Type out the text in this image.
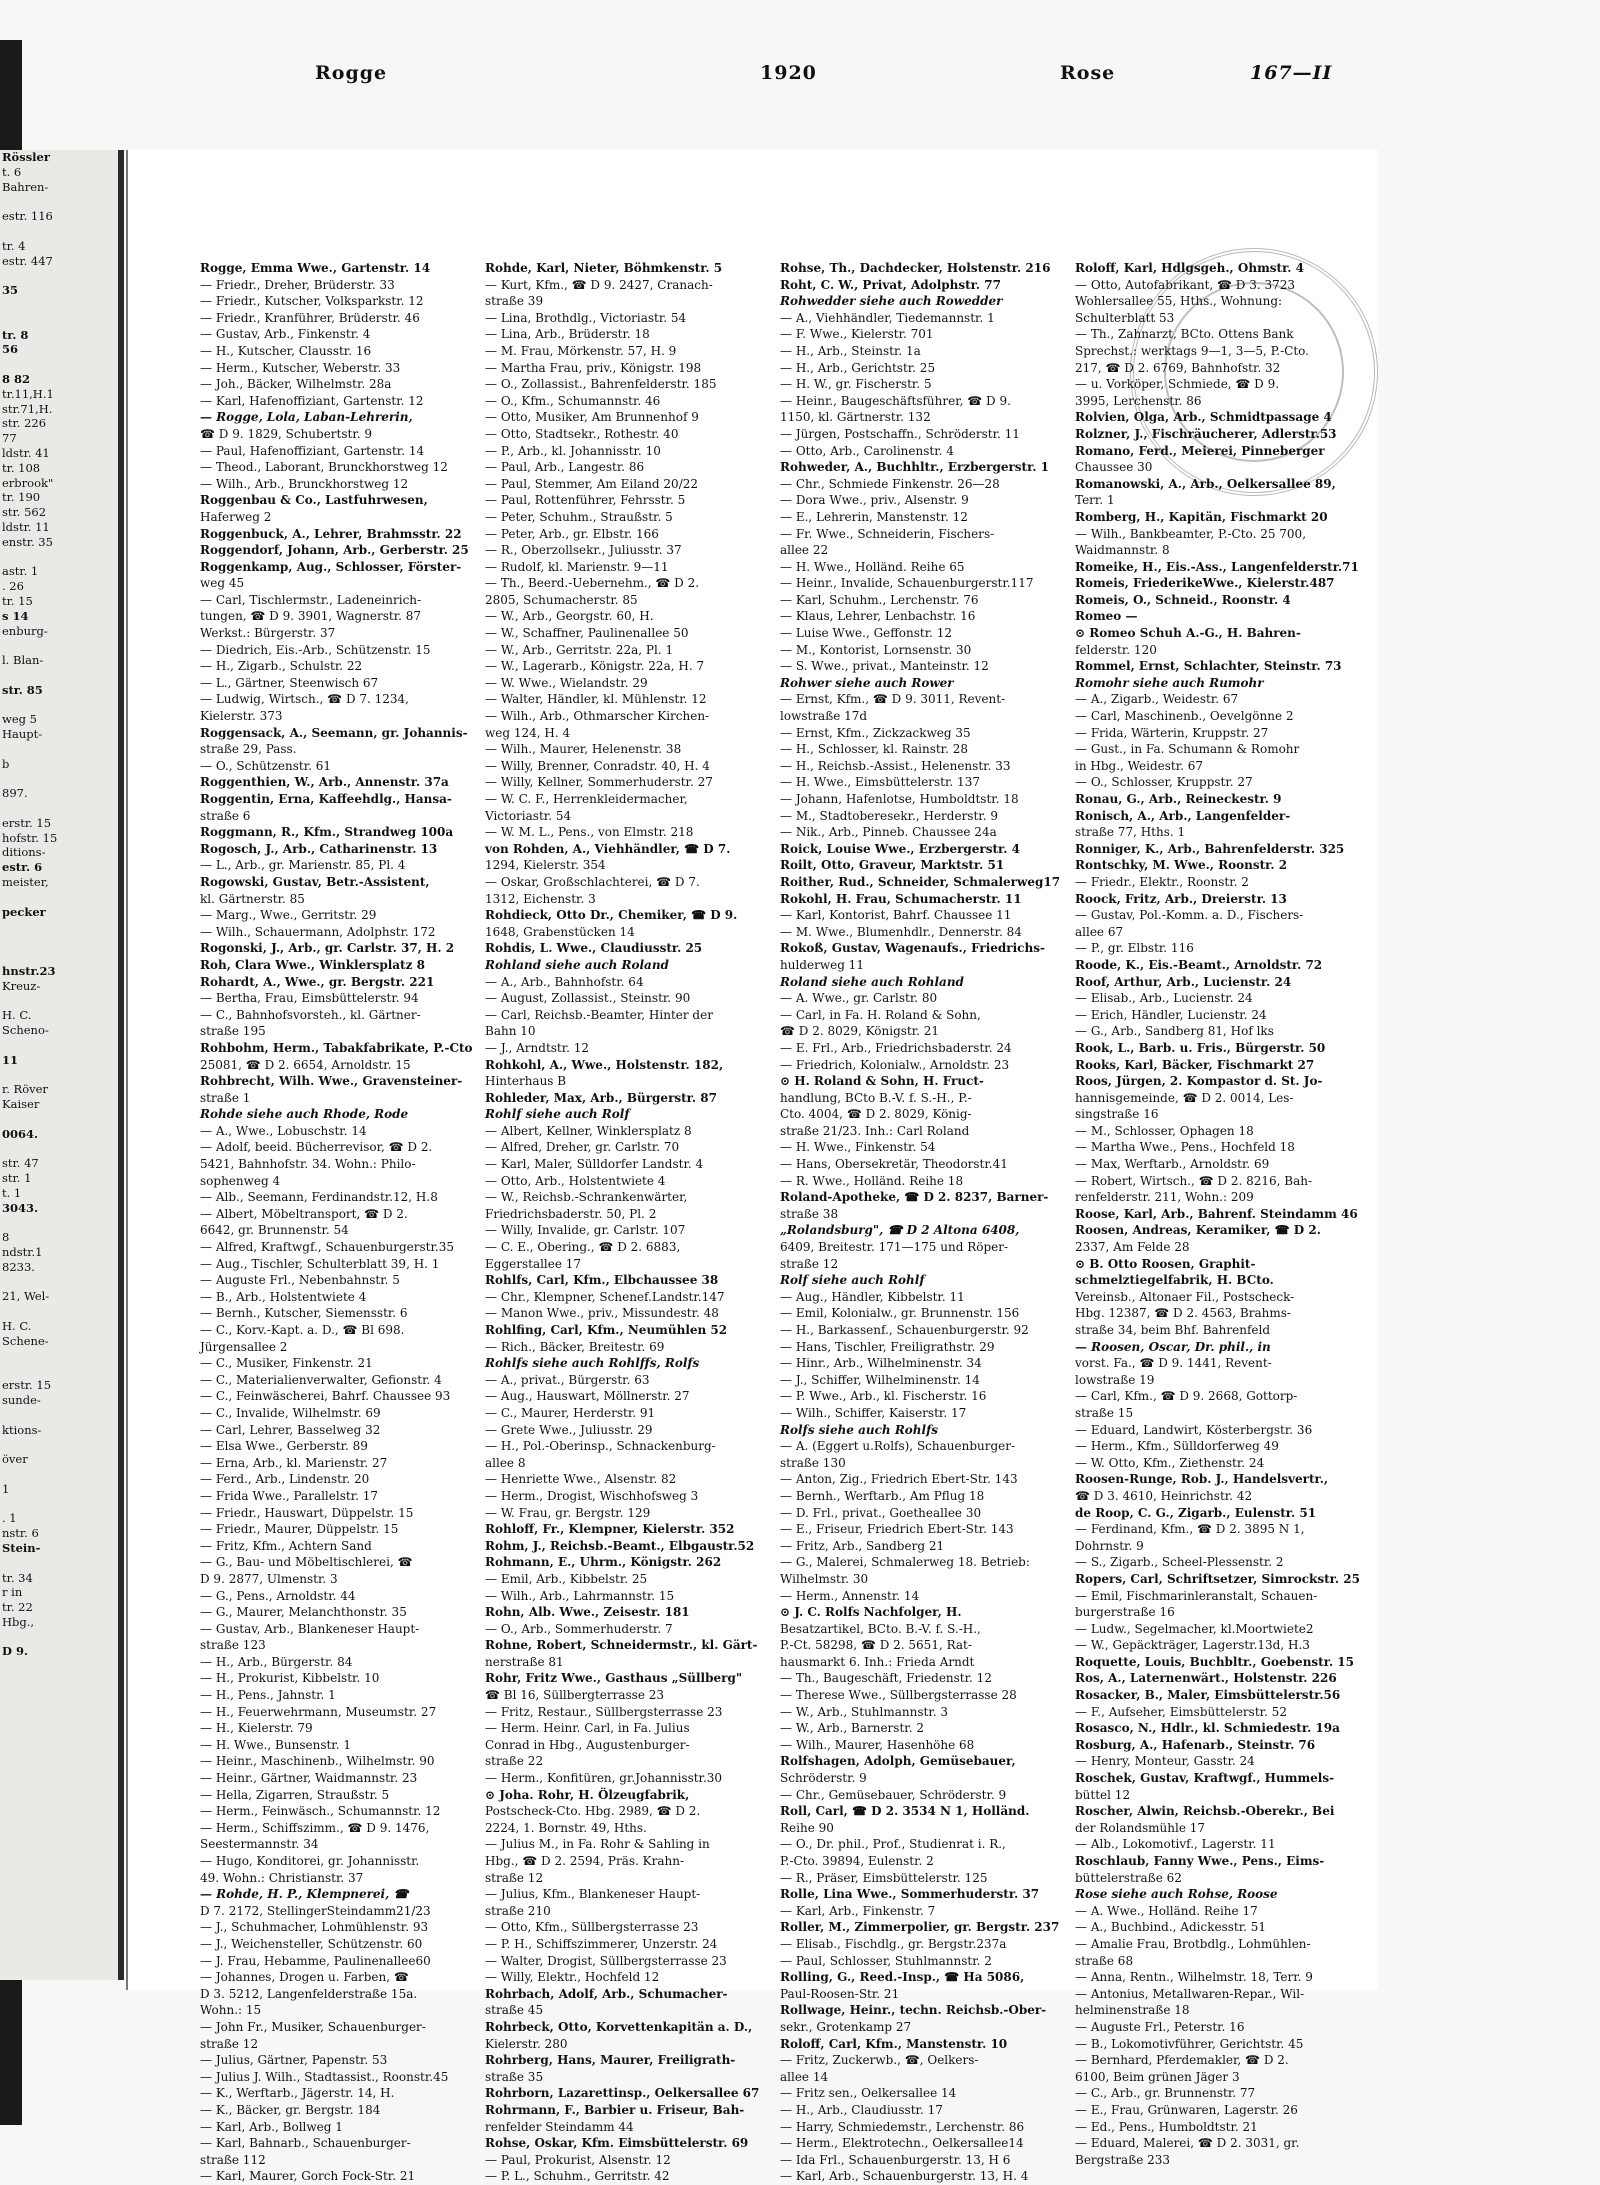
Rössler
t. 6
Bahren-

estr. 116

tr. 4
estr. 447

35

tr. 8
56

8 82
tr.11,H.1
str.71,H.
str. 226
77
ldstr. 41
tr. 108
erbrook"
tr. 190
str. 562
ldstr. 11
enstr. 35

astr. 1
. 26
tr. 15
s 14
enburg-

l. Blan-

str. 85

weg 5
Haupt-

b

897.

erstr. 15
hofstr. 15
ditions-
estr. 6
meister,

pecker

hnstr.23
Kreuz-

H. C.
Schenо-

11

r. Röver
Kaiser

0064.

str. 47
str. 1
t. 1
3043.

8
ndstr.1
8233.

21, Wel-

H. C.
Schenе-

erstr. 15
sunde-

ktions-

över

1

. 1
nstr. 6
Stein-

tr. 34
r in
tr. 22
Hbg.,

D 9.
Rogge	1920	Rose	167—II
Rogge, Emma Wwe., Gartenstr. 14
— Friedr., Dreher, Brüderstr. 33
— Friedr., Kutscher, Volksparkstr. 12
— Friedr., Kranführer, Brüderstr. 46
— Gustav, Arb., Finkenstr. 4
— H., Kutscher, Clausstr. 16
— Herm., Kutscher, Weberstr. 33
— Joh., Bäcker, Wilhelmstr. 28a
— Karl, Hafenoffiziant, Gartenstr. 12
— Rogge, Lola, Laban-Lehrerin,
☎ D 9. 1829, Schubertstr. 9
— Paul, Hafenoffiziant, Gartenstr. 14
— Theod., Laborant, Brunckhorstweg 12
— Wilh., Arb., Brunckhorstweg 12
Roggenbau & Co., Lastfuhrwesen,
Haferweg 2
Roggenbuck, A., Lehrer, Brahmsstr. 22
Roggendorf, Johann, Arb., Gerberstr. 25
Roggenkamp, Aug., Schlosser, Förster-
weg 45
— Carl, Tischlermstr., Ladeneinrich-
tungen, ☎ D 9. 3901, Wagnerstr. 87
Werkst.: Bürgerstr. 37
— Diedrich, Eis.-Arb., Schützenstr. 15
— H., Zigarb., Schulstr. 22
— L., Gärtner, Steenwisch 67
— Ludwig, Wirtsch., ☎ D 7. 1234,
Kielerstr. 373
Roggensack, A., Seemann, gr. Johannis-
straße 29, Pass.
— O., Schützenstr. 61
Roggenthien, W., Arb., Annenstr. 37a
Roggentin, Erna, Kaffeehdlg., Hansa-
straße 6
Roggmann, R., Kfm., Strandweg 100a
Rogosch, J., Arb., Catharinenstr. 13
— L., Arb., gr. Marienstr. 85, Pl. 4
Rogowski, Gustav, Betr.-Assistent,
kl. Gärtnerstr. 85
— Marg., Wwe., Gerritstr. 29
— Wilh., Schauermann, Adolphstr. 172
Rogonski, J., Arb., gr. Carlstr. 37, H. 2
Roh, Clara Wwe., Winklersplatz 8
Rohardt, A., Wwe., gr. Bergstr. 221
— Bertha, Frau, Eimsbüttelerstr. 94
— C., Bahnhofsvorsteh., kl. Gärtner-
straße 195
Rohbohm, Herm., Tabakfabrikate, P.-Cto
25081, ☎ D 2. 6654, Arnoldstr. 15
Rohbrecht, Wilh. Wwe., Gravensteiner-
straße 1
Rohde siehe auch Rhode, Rode
— A., Wwe., Lobuschstr. 14
— Adolf, beeid. Bücherrevisor, ☎ D 2.
5421, Bahnhofstr. 34. Wohn.: Philo-
sophenweg 4
— Alb., Seemann, Ferdinandstr.12, H.8
— Albert, Möbeltransport, ☎ D 2.
6642, gr. Brunnenstr. 54
— Alfred, Kraftwgf., Schauenburgerstr.35
— Aug., Tischler, Schulterblatt 39, H. 1
— Auguste Frl., Nebenbahnstr. 5
— B., Arb., Holstentwiete 4
— Bernh., Kutscher, Siemensstr. 6
— C., Korv.-Kapt. a. D., ☎ Bl 698.
Jürgensallee 2
— C., Musiker, Finkenstr. 21
— C., Materialienverwalter, Gefionstr. 4
— C., Feinwäscherei, Bahrf. Chaussee 93
— C., Invalide, Wilhelmstr. 69
— Carl, Lehrer, Basselweg 32
— Elsa Wwe., Gerberstr. 89
— Erna, Arb., kl. Marienstr. 27
— Ferd., Arb., Lindenstr. 20
— Frida Wwe., Parallelstr. 17
— Friedr., Hauswart, Düppelstr. 15
— Friedr., Maurer, Düppelstr. 15
— Fritz, Kfm., Achtern Sand
— G., Bau- und Möbeltischlerei, ☎
D 9. 2877, Ulmenstr. 3
— G., Pens., Arnoldstr. 44
— G., Maurer, Melanchthonstr. 35
— Gustav, Arb., Blankeneser Haupt-
straße 123
— H., Arb., Bürgerstr. 84
— H., Prokurist, Kibbelstr. 10
— H., Pens., Jahnstr. 1
— H., Feuerwehrmann, Museumstr. 27
— H., Kielerstr. 79
— H. Wwe., Bunsenstr. 1
— Heinr., Maschinenb., Wilhelmstr. 90
— Heinr., Gärtner, Waidmannstr. 23
— Hella, Zigarren, Straußstr. 5
— Herm., Feinwäsch., Schumannstr. 12
— Herm., Schiffszimm., ☎ D 9. 1476,
Seestermannstr. 34
— Hugo, Konditorei, gr. Johannisstr.
49. Wohn.: Christianstr. 37
— Rohde, H. P., Klempnerei, ☎
D 7. 2172, StellingerSteindamm21/23
— J., Schuhmacher, Lohmühlenstr. 93
— J., Weichensteller, Schützenstr. 60
— J. Frau, Hebamme, Paulinenallee60
— Johannes, Drogen u. Farben, ☎
D 3. 5212, Langenfelderstraße 15a.
Wohn.: 15
— John Fr., Musiker, Schauenburger-
straße 12
— Julius, Gärtner, Papenstr. 53
— Julius J. Wilh., Stadtassist., Roonstr.45
— K., Werftarb., Jägerstr. 14, H.
— K., Bäcker, gr. Bergstr. 184
— Karl, Arb., Bollweg 1
— Karl, Bahnarb., Schauenburger-
straße 112
— Karl, Maurer, Gorch Fock-Str. 21
Rohde, Karl, Nieter, Böhmkenstr. 5
— Kurt, Kfm., ☎ D 9. 2427, Cranach-
straße 39
— Lina, Brothdlg., Victoriastr. 54
— Lina, Arb., Brüderstr. 18
— M. Frau, Mörkenstr. 57, H. 9
— Martha Frau, priv., Königstr. 198
— O., Zollassist., Bahrenfelderstr. 185
— O., Kfm., Schumannstr. 46
— Otto, Musiker, Am Brunnenhof 9
— Otto, Stadtsekr., Rothestr. 40
— P., Arb., kl. Johannisstr. 10
— Paul, Arb., Langestr. 86
— Paul, Stemmer, Am Eiland 20/22
— Paul, Rottenführer, Fehrsstr. 5
— Peter, Schuhm., Straußstr. 5
— Peter, Arb., gr. Elbstr. 166
— R., Oberzollsekr., Juliusstr. 37
— Rudolf, kl. Marienstr. 9—11
— Th., Beerd.-Uebernehm., ☎ D 2.
2805, Schumacherstr. 85
— W., Arb., Georgstr. 60, H.
— W., Schaffner, Paulinenallee 50
— W., Arb., Gerritstr. 22a, Pl. 1
— W., Lagerarb., Königstr. 22a, H. 7
— W. Wwe., Wielandstr. 29
— Walter, Händler, kl. Mühlenstr. 12
— Wilh., Arb., Othmarscher Kirchen-
weg 124, H. 4
— Wilh., Maurer, Helenenstr. 38
— Willy, Brenner, Conradstr. 40, H. 4
— Willy, Kellner, Sommerhuderstr. 27
— W. C. F., Herrenkleidermacher,
Victoriastr. 54
— W. M. L., Pens., von Elmstr. 218
von Rohden, A., Viehhändler, ☎ D 7.
1294, Kielerstr. 354
— Oskar, Großschlachterei, ☎ D 7.
1312, Eichenstr. 3
Rohdieck, Otto Dr., Chemiker, ☎ D 9.
1648, Grabenstücken 14
Rohdis, L. Wwe., Claudiusstr. 25
Rohland siehe auch Roland
— A., Arb., Bahnhofstr. 64
— August, Zollassist., Steinstr. 90
— Carl, Reichsb.-Beamter, Hinter der
Bahn 10
— J., Arndtstr. 12
Rohkohl, A., Wwe., Holstenstr. 182,
Hinterhaus B
Rohleder, Max, Arb., Bürgerstr. 87
Rohlf siehe auch Rolf
— Albert, Kellner, Winklersplatz 8
— Alfred, Dreher, gr. Carlstr. 70
— Karl, Maler, Sülldorfer Landstr. 4
— Otto, Arb., Holstentwiete 4
— W., Reichsb.-Schrankenwärter,
Friedrichsbaderstr. 50, Pl. 2
— Willy, Invalide, gr. Carlstr. 107
— C. E., Obering., ☎ D 2. 6883,
Eggerstallee 17
Rohlfs, Carl, Kfm., Elbchaussee 38
— Chr., Klempner, Schenef.Landstr.147
— Manon Wwe., priv., Missundestr. 48
Rohlfing, Carl, Kfm., Neumühlen 52
— Rich., Bäcker, Breitestr. 69
Rohlfs siehe auch Rohlffs, Rolfs
— A., privat., Bürgerstr. 63
— Aug., Hauswart, Möllnerstr. 27
— C., Maurer, Herderstr. 91
— Grete Wwe., Juliusstr. 29
— H., Pol.-Oberinsp., Schnackenburg-
allee 8
— Henriette Wwe., Alsenstr. 82
— Herm., Drogist, Wischhofsweg 3
— W. Frau, gr. Bergstr. 129
Rohloff, Fr., Klempner, Kielerstr. 352
Rohm, J., Reichsb.-Beamt., Elbgaustr.52
Rohmann, E., Uhrm., Königstr. 262
— Emil, Arb., Kibbelstr. 25
— Wilh., Arb., Lahrmannstr. 15
Rohn, Alb. Wwe., Zeisestr. 181
— O., Arb., Sommerhuderstr. 7
Rohne, Robert, Schneidermstr., kl. Gärt-
nerstraße 81
Rohr, Fritz Wwe., Gasthaus „Süllberg"
☎ Bl 16, Süllbergterrasse 23
— Fritz, Restaur., Süllbergsterrasse 23
— Herm. Heinr. Carl, in Fa. Julius
Conrad in Hbg., Augustenburger-
straße 22
— Herm., Konfitüren, gr.Johannisstr.30
⊙ Joha. Rohr, H. Ölzeugfabrik,
Postscheck-Cto. Hbg. 2989, ☎ D 2.
2224, 1. Bornstr. 49, Hths.
— Julius M., in Fa. Rohr & Sahling in
Hbg., ☎ D 2. 2594, Präs. Krahn-
straße 12
— Julius, Kfm., Blankeneser Haupt-
straße 210
— Otto, Kfm., Süllbergsterrasse 23
— P. H., Schiffszimmerer, Unzerstr. 24
— Walter, Drogist, Süllbergsterrasse 23
— Willy, Elektr., Hochfeld 12
Rohrbach, Adolf, Arb., Schumacher-
straße 45
Rohrbeck, Otto, Korvettenkapitän a. D.,
Kielerstr. 280
Rohrberg, Hans, Maurer, Freiligrath-
straße 35
Rohrborn, Lazarettinsp., Oelkersallee 67
Rohrmann, F., Barbier u. Friseur, Bah-
renfelder Steindamm 44
Rohse, Oskar, Kfm. Eimsbüttelerstr. 69
— Paul, Prokurist, Alsenstr. 12
— P. L., Schuhm., Gerritstr. 42
Rohse, Th., Dachdecker, Holstenstr. 216
Roht, C. W., Privat, Adolphstr. 77
Rohwedder siehe auch Rowedder
— A., Viehhändler, Tiedemannstr. 1
— F. Wwe., Kielerstr. 701
— H., Arb., Steinstr. 1a
— H., Arb., Gerichtstr. 25
— H. W., gr. Fischerstr. 5
— Heinr., Baugeschäftsführer, ☎ D 9.
1150, kl. Gärtnerstr. 132
— Jürgen, Postschaffn., Schröderstr. 11
— Otto, Arb., Carolinenstr. 4
Rohweder, A., Buchhltr., Erzbergerstr. 1
— Chr., Schmiede Finkenstr. 26—28
— Dora Wwe., priv., Alsenstr. 9
— E., Lehrerin, Manstenstr. 12
— Fr. Wwe., Schneiderin, Fischers-
allee 22
— H. Wwe., Holländ. Reihe 65
— Heinr., Invalide, Schauenburgerstr.117
— Karl, Schuhm., Lerchenstr. 76
— Klaus, Lehrer, Lenbachstr. 16
— Luise Wwe., Geffonstr. 12
— M., Kontorist, Lornsenstr. 30
— S. Wwe., privat., Manteinstr. 12
Rohwer siehe auch Rower
— Ernst, Kfm., ☎ D 9. 3011, Revent-
lowstraße 17d
— Ernst, Kfm., Zickzackweg 35
— H., Schlosser, kl. Rainstr. 28
— H., Reichsb.-Assist., Helenenstr. 33
— H. Wwe., Eimsbüttelerstr. 137
— Johann, Hafenlotse, Humboldtstr. 18
— M., Stadtoberesekr., Herderstr. 9
— Nik., Arb., Pinneb. Chaussee 24a
Roick, Louise Wwe., Erzbergerstr. 4
Roilt, Otto, Graveur, Marktstr. 51
Roither, Rud., Schneider, Schmalerweg17
Rokohl, H. Frau, Schumacherstr. 11
— Karl, Kontorist, Bahrf. Chaussee 11
— M. Wwe., Blumenhdlr., Dennerstr. 84
Rokoß, Gustav, Wagenaufs., Friedrichs-
hulderweg 11
Roland siehe auch Rohland
— A. Wwe., gr. Carlstr. 80
— Carl, in Fa. H. Roland & Sohn,
☎ D 2. 8029, Königstr. 21
— E. Frl., Arb., Friedrichsbaderstr. 24
— Friedrich, Kolonialw., Arnoldstr. 23
⊙ H. Roland & Sohn, H. Fruct-
handlung, BCto B.-V. f. S.-H., P.-
Cto. 4004, ☎ D 2. 8029, König-
straße 21/23. Inh.: Carl Roland
— H. Wwe., Finkenstr. 54
— Hans, Obersekretär, Theodorstr.41
— R. Wwe., Holländ. Reihe 18
Roland-Apotheke, ☎ D 2. 8237, Barner-
straße 38
„Rolandsburg", ☎ D 2 Altona 6408,
6409, Breitestr. 171—175 und Röper-
straße 12
Rolf siehe auch Rohlf
— Aug., Händler, Kibbelstr. 11
— Emil, Kolonialw., gr. Brunnenstr. 156
— H., Barkassenf., Schauenburgerstr. 92
— Hans, Tischler, Freiligrathstr. 29
— Hinr., Arb., Wilhelminenstr. 34
— J., Schiffer, Wilhelminenstr. 14
— P. Wwe., Arb., kl. Fischerstr. 16
— Wilh., Schiffer, Kaiserstr. 17
Rolfs siehe auch Rohlfs
— A. (Eggert u.Rolfs), Schauenburger-
straße 130
— Anton, Zig., Friedrich Ebert-Str. 143
— Bernh., Werftarb., Am Pflug 18
— D. Frl., privat., Goetheallee 30
— E., Friseur, Friedrich Ebert-Str. 143
— Fritz, Arb., Sandberg 21
— G., Malerei, Schmalerweg 18. Betrieb:
Wilhelmstr. 30
— Herm., Annenstr. 14
⊙ J. C. Rolfs Nachfolger, H.
Besatzartikel, BCto. B.-V. f. S.-H.,
P.-Ct. 58298, ☎ D 2. 5651, Rat-
hausmarkt 6. Inh.: Frieda Arndt
— Th., Baugeschäft, Friedenstr. 12
— Therese Wwe., Süllbergsterrasse 28
— W., Arb., Stuhlmannstr. 3
— W., Arb., Barnerstr. 2
— Wilh., Maurer, Hasenhöhe 68
Rolfshagen, Adolph, Gemüsebauer,
Schröderstr. 9
— Chr., Gemüsebauer, Schröderstr. 9
Roll, Carl, ☎ D 2. 3534 N 1, Holländ.
Reihe 90
— O., Dr. phil., Prof., Studienrat i. R.,
P.-Cto. 39894, Eulenstr. 2
— R., Präser, Eimsbüttelerstr. 125
Rolle, Lina Wwe., Sommerhuderstr. 37
— Karl, Arb., Finkenstr. 7
Roller, M., Zimmerpolier, gr. Bergstr. 237
— Elisab., Fischdlg., gr. Bergstr.237a
— Paul, Schlosser, Stuhlmannstr. 2
Rolling, G., Reed.-Insp., ☎ Ha 5086,
Paul-Roosen-Str. 21
Rollwage, Heinr., techn. Reichsb.-Ober-
sekr., Grotenkamp 27
Roloff, Carl, Kfm., Manstenstr. 10
— Fritz, Zuckerwb., ☎, Oelkers-
allee 14
— Fritz sen., Oelkersallee 14
— H., Arb., Claudiusstr. 17
— Harry, Schmiedemstr., Lerchenstr. 86
— Herm., Elektrotechn., Oelkersallee14
— Ida Frl., Schauenburgerstr. 13, H 6
— Karl, Arb., Schauenburgerstr. 13, H. 4
Roloff, Karl, Hdlgsgeh., Ohmstr. 4
— Otto, Autofabrikant, ☎ D 3. 3723
Wohlersallee 55, Hths., Wohnung:
Schulterblatt 53
— Th., Zahnarzt, BCto. Ottens Bank
Sprechst.: werktags 9—1, 3—5, P.-Cto.
217, ☎ D 2. 6769, Bahnhofstr. 32
— u. Vorköper, Schmiede, ☎ D 9.
3995, Lerchenstr. 86
Rolvien, Olga, Arb., Schmidtpassage 4
Rolzner, J., Fischräucherer, Adlerstr.53
Romano, Ferd., Meierei, Pinneberger
Chaussee 30
Romanowski, A., Arb., Oelkersallee 89,
Terr. 1
Romberg, H., Kapitän, Fischmarkt 20
— Wilh., Bankbeamter, P.-Cto. 25 700,
Waidmannstr. 8
Romeike, H., Eis.-Ass., Langenfelderstr.71
Romeis, FriederikeWwe., Kielerstr.487
Romeis, O., Schneid., Roonstr. 4
Romeo —
⊙ Romeo Schuh A.-G., H. Bahren-
felderstr. 120
Rommel, Ernst, Schlachter, Steinstr. 73
Romohr siehe auch Rumohr
— A., Zigarb., Weidestr. 67
— Carl, Maschinenb., Oevelgönne 2
— Frida, Wärterin, Kruppstr. 27
— Gust., in Fa. Schumann & Romohr
in Hbg., Weidestr. 67
— O., Schlosser, Kruppstr. 27
Ronau, G., Arb., Reineckestr. 9
Ronisch, A., Arb., Langenfelder-
straße 77, Hths. 1
Ronniger, K., Arb., Bahrenfelderstr. 325
Rontschky, M. Wwe., Roonstr. 2
— Friedr., Elektr., Roonstr. 2
Roock, Fritz, Arb., Dreierstr. 13
— Gustav, Pol.-Komm. a. D., Fischers-
allee 67
— P., gr. Elbstr. 116
Roode, K., Eis.-Beamt., Arnoldstr. 72
Roof, Arthur, Arb., Lucienstr. 24
— Elisab., Arb., Lucienstr. 24
— Erich, Händler, Lucienstr. 24
— G., Arb., Sandberg 81, Hof lks
Rook, L., Barb. u. Fris., Bürgerstr. 50
Rooks, Karl, Bäcker, Fischmarkt 27
Roos, Jürgen, 2. Kompastor d. St. Jo-
hannisgemeinde, ☎ D 2. 0014, Les-
singstraße 16
— M., Schlosser, Ophagen 18
— Martha Wwe., Pens., Hochfeld 18
— Max, Werftarb., Arnoldstr. 69
— Robert, Wirtsch., ☎ D 2. 8216, Bah-
renfelderstr. 211, Wohn.: 209
Roose, Karl, Arb., Bahrenf. Steindamm 46
Roosen, Andreas, Keramiker, ☎ D 2.
2337, Am Felde 28
⊙ B. Otto Roosen, Graphit-
schmelztiegelfabrik, H. BCto.
Vereinsb., Altonaer Fil., Postscheck-
Hbg. 12387, ☎ D 2. 4563, Brahms-
straße 34, beim Bhf. Bahrenfeld
— Roosen, Oscar, Dr. phil., in
vorst. Fa., ☎ D 9. 1441, Revent-
lowstraße 19
— Carl, Kfm., ☎ D 9. 2668, Gottorp-
straße 15
— Eduard, Landwirt, Kösterbergstr. 36
— Herm., Kfm., Sülldorferweg 49
— W. Otto, Kfm., Ziethenstr. 24
Roosen-Runge, Rob. J., Handelsvertr.,
☎ D 3. 4610, Heinrichstr. 42
de Roop, C. G., Zigarb., Eulenstr. 51
— Ferdinand, Kfm., ☎ D 2. 3895 N 1,
Dohrnstr. 9
— S., Zigarb., Scheel-Plessenstr. 2
Ropers, Carl, Schriftsetzer, Simrockstr. 25
— Emil, Fischmarinleranstalt, Schauen-
burgerstraße 16
— Ludw., Segelmacher, kl.Moortwiete2
— W., Gepäckträger, Lagerstr.13d, H.3
Roquette, Louis, Buchbltr., Goebenstr. 15
Ros, A., Laternenwärt., Holstenstr. 226
Rosacker, B., Maler, Eimsbüttelerstr.56
— F., Aufseher, Eimsbüttelerstr. 52
Rosasco, N., Hdlr., kl. Schmiedestr. 19a
Rosburg, A., Hafenarb., Steinstr. 76
— Henry, Monteur, Gasstr. 24
Roschek, Gustav, Kraftwgf., Hummels-
büttel 12
Roscher, Alwin, Reichsb.-Oberekr., Bei
der Rolandsmühle 17
— Alb., Lokomotivf., Lagerstr. 11
Roschlaub, Fanny Wwe., Pens., Eims-
büttelerstraße 62
Rose siehe auch Rohse, Roose
— A. Wwe., Holländ. Reihe 17
— A., Buchbind., Adickesstr. 51
— Amalie Frau, Brotbdlg., Lohmühlen-
straße 68
— Anna, Rentn., Wilhelmstr. 18, Terr. 9
— Antonius, Metallwaren-Repar., Wil-
helminenstraße 18
— Auguste Frl., Peterstr. 16
— B., Lokomotivführer, Gerichtstr. 45
— Bernhard, Pferdemakler, ☎ D 2.
6100, Beim grünen Jäger 3
— C., Arb., gr. Brunnenstr. 77
— E., Frau, Grünwaren, Lagerstr. 26
— Ed., Pens., Humboldtstr. 21
— Eduard, Malerei, ☎ D 2. 3031, gr.
Bergstraße 233
